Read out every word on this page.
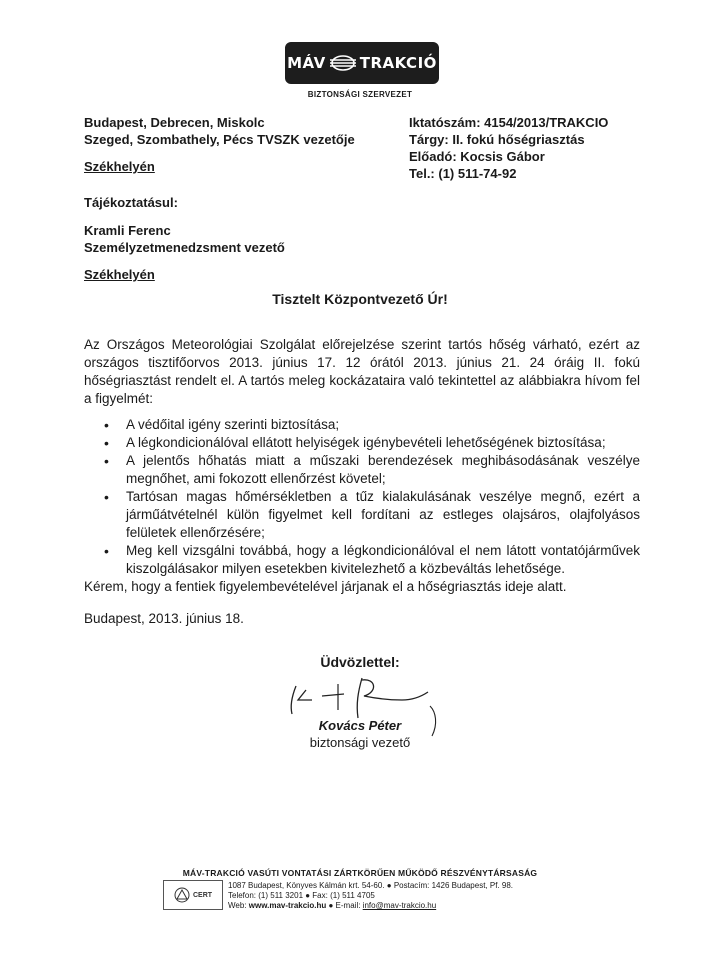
MÁV TRAKCIÓ
BIZTONSÁGI SZERVEZET
Budapest, Debrecen, Miskolc
Szeged, Szombathely, Pécs TVSZK vezetője
Székhelyén
Iktatószám: 4154/2013/TRAKCIO
Tárgy: II. fokú hőségriasztás
Előadó: Kocsis Gábor
Tel.: (1) 511-74-92
Tájékoztatásul:
Kramli Ferenc
Személyzetmenedzsment vezető
Székhelyén
Tisztelt Központvezető Úr!
Az Országos Meteorológiai Szolgálat előrejelzése szerint tartós hőség várható, ezért az országos tisztifőorvos 2013. június 17. 12 órától 2013. június 21. 24 óráig II. fokú hőségriasztást rendelt el. A tartós meleg kockázataira való tekintettel az alábbiakra hívom fel a figyelmét:
• A védőital igény szerinti biztosítása;
• A légkondicionálóval ellátott helyiségek igénybevételi lehetőségének biztosítása;
• A jelentős hőhatás miatt a műszaki berendezések meghibásodásának veszélye megnőhet, ami fokozott ellenőrzést követel;
• Tartósan magas hőmérsékletben a tűz kialakulásának veszélye megnő, ezért a járműátvételnél külön figyelmet kell fordítani az estleges olajsáros, olajfolyásos felületek ellenőrzésére;
• Meg kell vizsgálni továbbá, hogy a légkondicionálóval el nem látott vontatójárművek kiszolgálásakor milyen esetekben kivitelezhető a közbeváltás lehetősége.
Kérem, hogy a fentiek figyelembevételével járjanak el a hőségriasztás ideje alatt.
Budapest, 2013. június 18.
Üdvözlettel:
Kovács Péter
biztonsági vezető
MÁV-TRAKCIÓ VASÚTI VONTATÁSI ZÁRTKÖRŰEN MŰKÖDŐ RÉSZVÉNYTÁRSASÁG
CERT
1087 Budapest, Könyves Kálmán krt. 54-60. ● Postacím: 1426 Budapest, Pf. 98.
Telefon: (1) 511 3201 ● Fax: (1) 511 4705
Web: www.mav-trakcio.hu ● E-mail: info@mav-trakcio.hu
